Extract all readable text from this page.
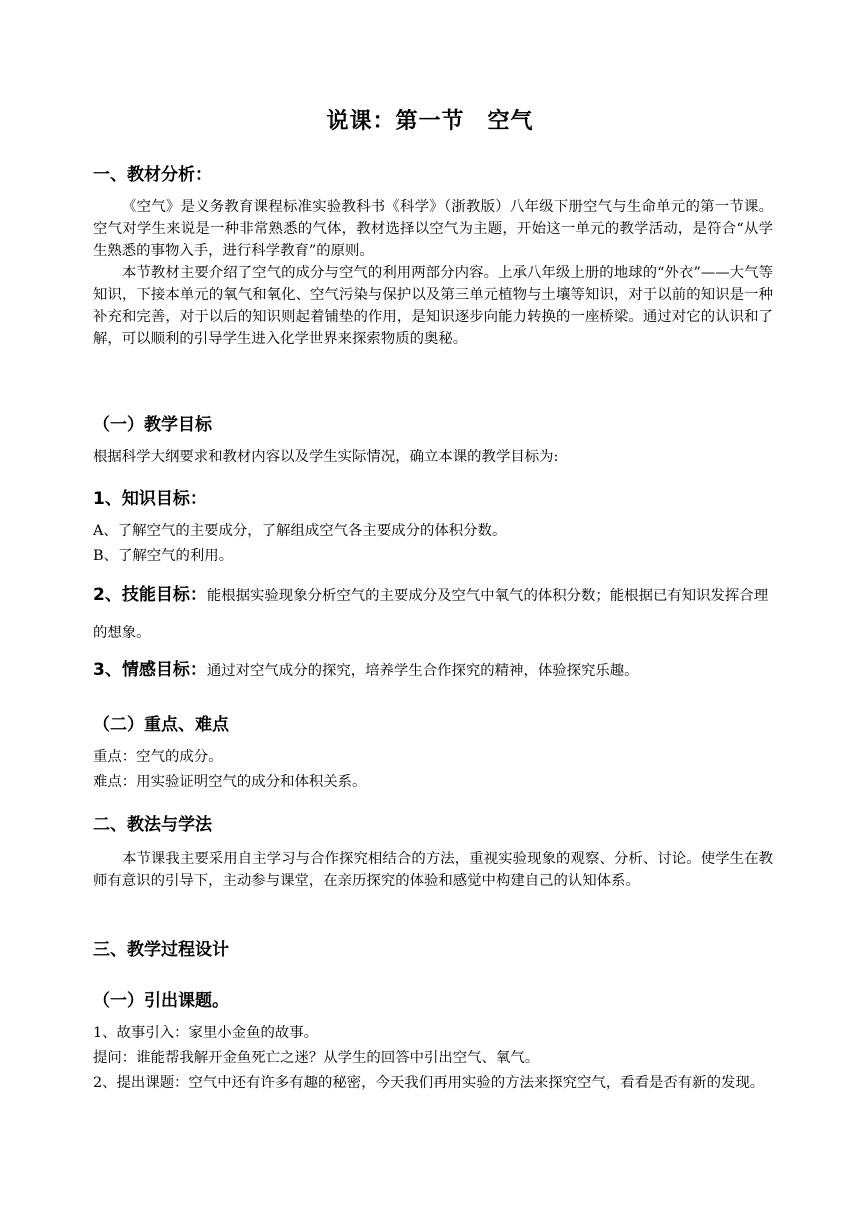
说课：第一节　空气
一、教材分析：
《空气》是义务教育课程标准实验教科书《科学》（浙教版）八年级下册空气与生命单元的第一节课。空气对学生来说是一种非常熟悉的气体，教材选择以空气为主题，开始这一单元的教学活动，是符合“从学生熟悉的事物入手，进行科学教育”的原则。
本节教材主要介绍了空气的成分与空气的利用两部分内容。上承八年级上册的地球的“外衣”——大气等知识，下接本单元的氧气和氧化、空气污染与保护以及第三单元植物与土壤等知识，对于以前的知识是一种补充和完善，对于以后的知识则起着铺垫的作用，是知识逐步向能力转换的一座桥梁。通过对它的认识和了解，可以顺利的引导学生进入化学世界来探索物质的奥秘。
（一）教学目标
根据科学大纲要求和教材内容以及学生实际情况，确立本课的教学目标为:
1、知识目标：
A、了解空气的主要成分，了解组成空气各主要成分的体积分数。
B、了解空气的利用。
2、技能目标：能根据实验现象分析空气的主要成分及空气中氧气的体积分数；能根据已有知识发挥合理的想象。
3、情感目标：通过对空气成分的探究，培养学生合作探究的精神，体验探究乐趣。
（二）重点、难点
重点：空气的成分。
难点：用实验证明空气的成分和体积关系。
二、教法与学法
本节课我主要采用自主学习与合作探究相结合的方法，重视实验现象的观察、分析、讨论。使学生在教师有意识的引导下，主动参与课堂，在亲历探究的体验和感觉中构建自己的认知体系。
三、教学过程设计
（一）引出课题。
1、故事引入：家里小金鱼的故事。
提问：谁能帮我解开金鱼死亡之迷？从学生的回答中引出空气、氧气。
2、提出课题：空气中还有许多有趣的秘密，今天我们再用实验的方法来探究空气，看看是否有新的发现。
